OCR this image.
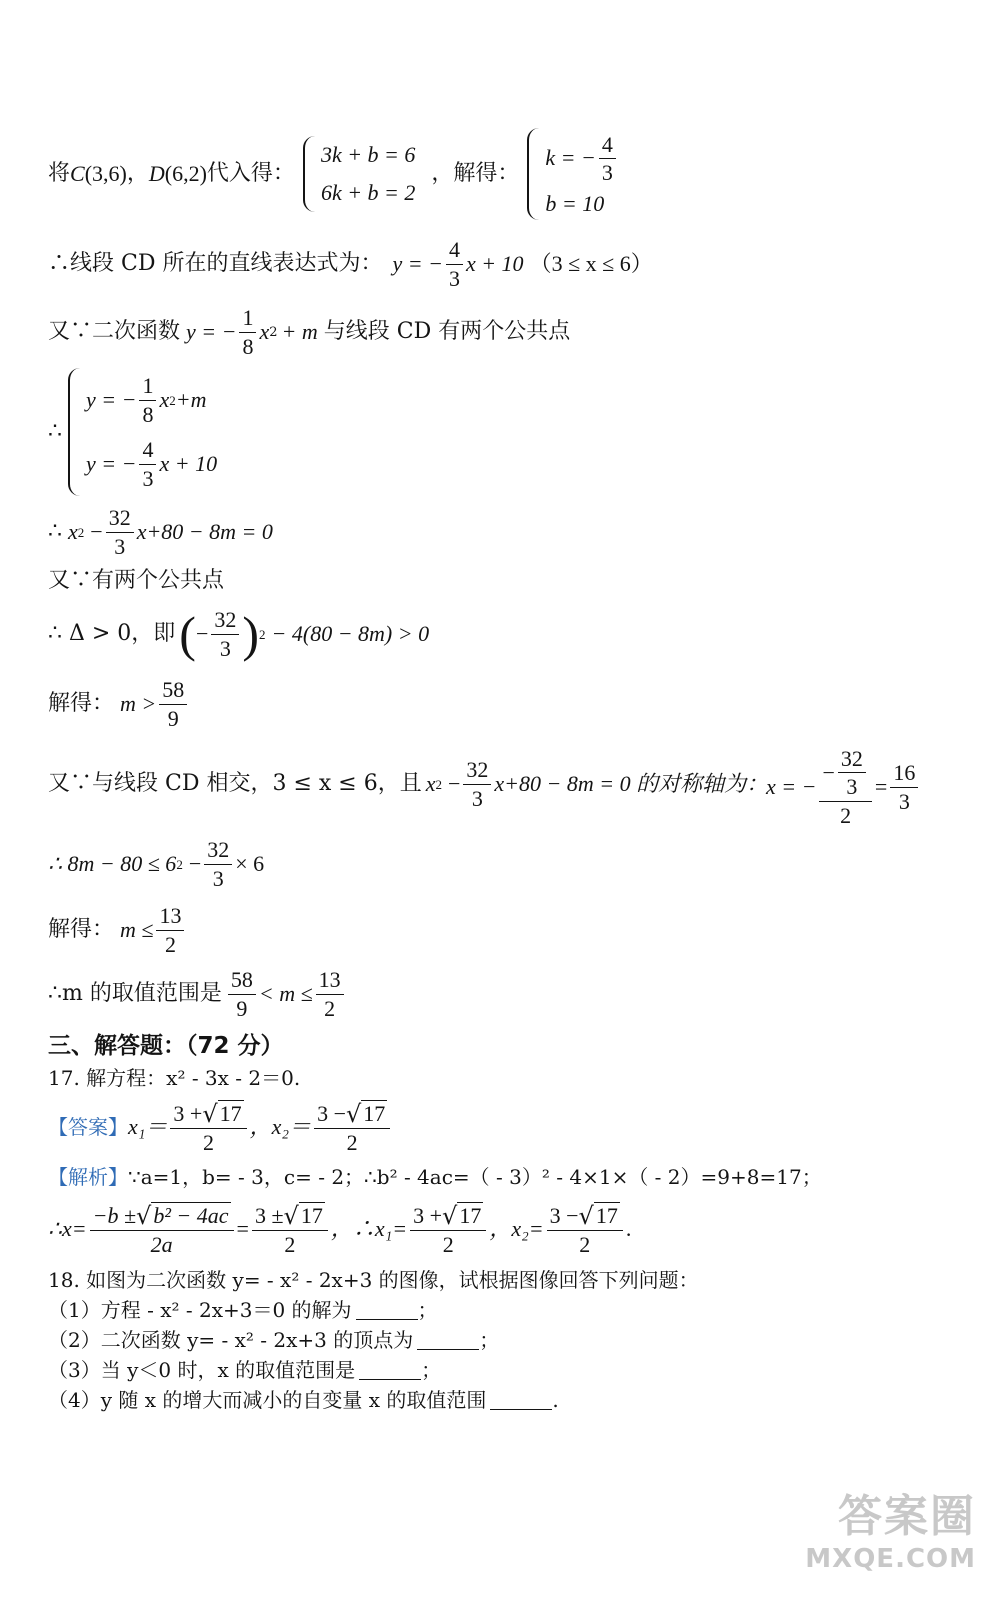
将 C (3,6) ， D (6,2) 代入得：
3k + b = 6
6k + b = 2
，解得：
k = − $\frac{4}{3}$
b = 10
∴线段 CD 所在的直线表达式为： y = − $\frac{4}{3}$ x + 10 （3 ≤ x ≤ 6）
又∵二次函数 y = − $\frac{1}{8}$ x 2 + m 与线段 CD 有两个公共点
∴
y = − $\frac{1}{8}$ x 2 +m
y = − $\frac{4}{3}$ x + 10
∴ x $2 - \frac{32}{3} x+80 - 8m = 0$
又∵有两个公共点
∴ Δ > 0，即 ( − $\frac{32}{3}$ ) 2 − 4(80 − 8m) > 0
解得： $m > \frac{58}{9}$
又∵与线段 CD 相交，3 ≤ x ≤ 6，且 x $2 - \frac{32}{3} x+80 - 8m = 0$ 的对称轴为：
x = − $\frac{- \frac{32}{3}}{2} = \frac{16}{3}$
∴ 8m − 80 ≤ 6 $2 - \frac{32}{3} \times 6$
解得： $m \le \frac{13}{2}$
∴m 的取值范围是 $\frac{58}{9} < m \le \frac{13}{2}$
三、解答题：（72 分）
17. 解方程：x² - 3x - 2＝0.
【答案】 $x_1= \frac{3 + √ 17}{2}$ ，$x_2= \frac{3 - √ 17}{2}$
【解析】 ∵a=1，b= - 3，c= - 2；∴b² - 4ac=（ - 3）² - 4×1×（ - 2）=9+8=17；
∴x= $\frac{\text{−b ± √ b² − 4ac}}{2a} = \frac{3 \pm √ 17}{2}$ ，∴x₁= $\frac{3 + √ 17}{2}$ ，$x_2= \frac{3 - √ 17}{2}$ .
18. 如图为二次函数 y= - x² - 2x+3 的图像，试根据图像回答下列问题：
（1）方程 - x² - 2x+3＝0 的解为	；
（2）二次函数 y= - x² - 2x+3 的顶点为	；
（3）当 y＜0 时，x 的取值范围是	；
（4）y 随 x 的增大而减小的自变量 x 的取值范围	.
答案圈
MXQE.COM
